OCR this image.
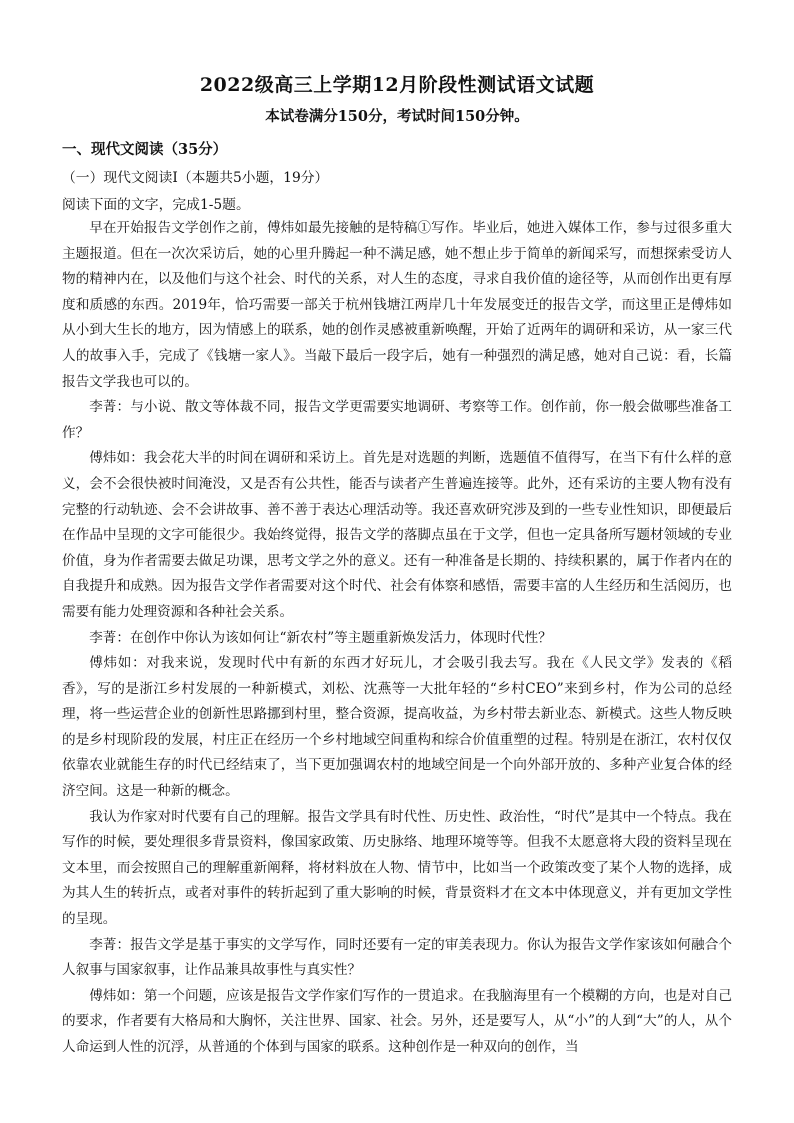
2022级高三上学期12月阶段性测试语文试题
本试卷满分150分，考试时间150分钟。
一、现代文阅读（35分）
（一）现代文阅读Ⅰ（本题共5小题，19分）
阅读下面的文字，完成1-5题。

早在开始报告文学创作之前，傅炜如最先接触的是特稿①写作。毕业后，她进入媒体工作，参与过很多重大主题报道。但在一次次采访后，她的心里升腾起一种不满足感，她不想止步于简单的新闻采写，而想探索受访人物的精神内在，以及他们与这个社会、时代的关系，对人生的态度，寻求自我价值的途径等，从而创作出更有厚度和质感的东西。2019年，恰巧需要一部关于杭州钱塘江两岸几十年发展变迁的报告文学，而这里正是傅炜如从小到大生长的地方，因为情感上的联系，她的创作灵感被重新唤醒，开始了近两年的调研和采访，从一家三代人的故事入手，完成了《钱塘一家人》。当敲下最后一段字后，她有一种强烈的满足感，她对自己说：看，长篇报告文学我也可以的。

李菁：与小说、散文等体裁不同，报告文学更需要实地调研、考察等工作。创作前，你一般会做哪些准备工作？

傅炜如：我会花大半的时间在调研和采访上。首先是对选题的判断，选题值不值得写，在当下有什么样的意义，会不会很快被时间淹没，又是否有公共性，能否与读者产生普遍连接等。此外，还有采访的主要人物有没有完整的行动轨迹、会不会讲故事、善不善于表达心理活动等。我还喜欢研究涉及到的一些专业性知识，即便最后在作品中呈现的文字可能很少。我始终觉得，报告文学的落脚点虽在于文学，但也一定具备所写题材领域的专业价值，身为作者需要去做足功课，思考文学之外的意义。还有一种准备是长期的、持续积累的，属于作者内在的自我提升和成熟。因为报告文学作者需要对这个时代、社会有体察和感悟，需要丰富的人生经历和生活阅历，也需要有能力处理资源和各种社会关系。

李菁：在创作中你认为该如何让“新农村”等主题重新焕发活力，体现时代性？

傅炜如：对我来说，发现时代中有新的东西才好玩儿，才会吸引我去写。我在《人民文学》发表的《稻香》，写的是浙江乡村发展的一种新模式，刘松、沈燕等一大批年轻的“乡村CEO”来到乡村，作为公司的总经理，将一些运营企业的创新性思路挪到村里，整合资源，提高收益，为乡村带去新业态、新模式。这些人物反映的是乡村现阶段的发展，村庄正在经历一个乡村地域空间重构和综合价值重塑的过程。特别是在浙江，农村仅仅依靠农业就能生存的时代已经结束了，当下更加强调农村的地域空间是一个向外部开放的、多种产业复合体的经济空间。这是一种新的概念。

我认为作家对时代要有自己的理解。报告文学具有时代性、历史性、政治性，“时代”是其中一个特点。我在写作的时候，要处理很多背景资料，像国家政策、历史脉络、地理环境等等。但我不太愿意将大段的资料呈现在文本里，而会按照自己的理解重新阐释，将材料放在人物、情节中，比如当一个政策改变了某个人物的选择，成为其人生的转折点，或者对事件的转折起到了重大影响的时候，背景资料才在文本中体现意义，并有更加文学性的呈现。

李菁：报告文学是基于事实的文学写作，同时还要有一定的审美表现力。你认为报告文学作家该如何融合个人叙事与国家叙事，让作品兼具故事性与真实性？

傅炜如：第一个问题，应该是报告文学作家们写作的一贯追求。在我脑海里有一个模糊的方向，也是对自己的要求，作者要有大格局和大胸怀，关注世界、国家、社会。另外，还是要写人，从“小”的人到“大”的人，从个人命运到人性的沉浮，从普通的个体到与国家的联系。这种创作是一种双向的创作，当
